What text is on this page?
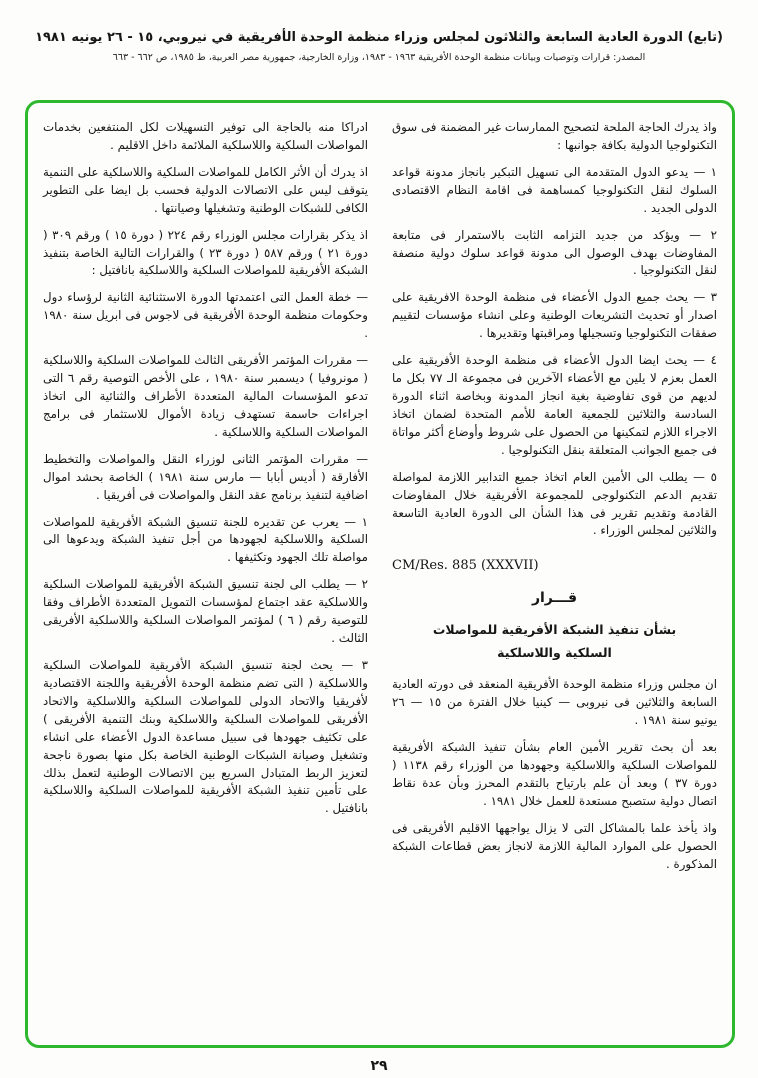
(تابع) الدورة العادية السابعة والثلاثون لمجلس وزراء منظمة الوحدة الأفريقية في نيروبي، ١٥ - ٢٦ يونيه ١٩٨١
المصدر: قرارات وتوصيات وبيانات منظمة الوحدة الأفريقية ١٩٦٣ - ١٩٨٣، وزارة الخارجية، جمهورية مصر العربية، ط ١٩٨٥، ص ٦٦٢ - ٦٦٣

واذ يدرك الحاجة الملحة لتصحيح الممارسات غير المضمنة فى سوق التكنولوجيا الدولية بكافة جوانبها :

١ — يدعو الدول المتقدمة الى تسهيل التبكير بانجاز مدونة قواعد السلوك لنقل التكنولوجيا كمساهمة فى اقامة النظام الاقتصادى الدولى الجديد .

٢ — ويؤكد من جديد التزامه الثابت بالاستمرار فى متابعة المفاوضات بهدف الوصول الى مدونة قواعد سلوك دولية منصفة لنقل التكنولوجيا .

٣ — يحث جميع الدول الأعضاء فى منظمة الوحدة الافريقية على اصدار أو تحديث التشريعات الوطنية وعلى انشاء مؤسسات لتقييم صفقات التكنولوجيا وتسجيلها ومراقبتها وتقديرها .

٤ — يحث ايضا الدول الأعضاء فى منظمة الوحدة الأفريقية على العمل بعزم لا يلين مع الأعضاء الآخرين فى مجموعة الـ ٧٧ بكل ما لديهم من قوى تفاوضية بغية انجاز المدونة وبخاصة اثناء الدورة السادسة والثلاثين للجمعية العامة للأمم المتحدة لضمان اتخاذ الاجراء اللازم لتمكينها من الحصول على شروط وأوضاع أكثر مواتاة فى جميع الجوانب المتعلقة بنقل التكنولوجيا .

٥ — يطلب الى الأمين العام اتخاذ جميع التدابير اللازمة لمواصلة تقديم الدعم التكنولوجى للمجموعة الأفريقية خلال المفاوضات القادمة وتقديم تقرير فى هذا الشأن الى الدورة العادية التاسعة والثلاثين لمجلس الوزراء .

CM/Res. 885 (XXXVII)
قـــرار
بشأن تنفيذ الشبكة الأفريقية للمواصلات
السلكية واللاسلكية

ان مجلس وزراء منظمة الوحدة الأفريقية المنعقد فى دورته العادية السابعة والثلاثين فى نيروبى — كينيا خلال الفترة من ١٥ — ٢٦ يونيو سنة ١٩٨١ .

بعد أن بحث تقرير الأمين العام بشأن تنفيذ الشبكة الأفريقية للمواصلات السلكية واللاسلكية وجهودها من الوزراء رقم ١١٣٨ ( دورة ٣٧ ) وبعد أن علم بارتياح بالتقدم المحرز وبأن عدة نقاط اتصال دولية ستصبح مستعدة للعمل خلال ١٩٨١ .

واذ يأخذ علما بالمشاكل التى لا يزال يواجهها الاقليم الأفريقى فى الحصول على الموارد المالية اللازمة لانجاز بعض قطاعات الشبكة المذكورة .

ادراكا منه بالحاجة الى توفير التسهيلات لكل المنتفعين بخدمات المواصلات السلكية واللاسلكية الملائمة داخل الاقليم .

اذ يدرك أن الأثر الكامل للمواصلات السلكية واللاسلكية على التنمية يتوقف ليس على الاتصالات الدولية فحسب بل ايضا على التطوير الكافى للشبكات الوطنية وتشغيلها وصيانتها .

اذ يذكر بقرارات مجلس الوزراء رقم ٢٢٤ ( دورة ١٥ ) ورقم ٣٠٩ ( دورة ٢١ ) ورقم ٥٨٧ ( دورة ٢٣ ) والقرارات التالية الخاصة بتنفيذ الشبكة الأفريقية للمواصلات السلكية واللاسلكية بانافتيل :

— خطة العمل التى اعتمدتها الدورة الاستثنائية الثانية لرؤساء دول وحكومات منظمة الوحدة الأفريقية فى لاجوس فى ابريل سنة ١٩٨٠ .

— مقررات المؤتمر الأفريقى الثالث للمواصلات السلكية واللاسلكية ( مونروفيا ) ديسمبر سنة ١٩٨٠ ، على الأخص التوصية رقم ٦ التى تدعو المؤسسات المالية المتعددة الأطراف والثنائية الى اتخاذ اجراءات حاسمة تستهدف زيادة الأموال للاستثمار فى برامج المواصلات السلكية واللاسلكية .

— مقررات المؤتمر الثانى لوزراء النقل والمواصلات والتخطيط الأفارقة ( أديس أبابا — مارس سنة ١٩٨١ ) الخاصة بحشد اموال اضافية لتنفيذ برنامج عقد النقل والمواصلات فى أفريقيا .

١ — يعرب عن تقديره للجنة تنسيق الشبكة الأفريقية للمواصلات السلكية واللاسلكية لجهودها من أجل تنفيذ الشبكة ويدعوها الى مواصلة تلك الجهود وتكثيفها .

٢ — يطلب الى لجنة تنسيق الشبكة الأفريقية للمواصلات السلكية واللاسلكية عقد اجتماع لمؤسسات التمويل المتعددة الأطراف وفقا للتوصية رقم ( ٦ ) لمؤتمر المواصلات السلكية واللاسلكية الأفريقى الثالث .

٣ — يحث لجنة تنسيق الشبكة الأفريقية للمواصلات السلكية واللاسلكية ( التى تضم منظمة الوحدة الأفريقية واللجنة الاقتصادية لأفريقيا والاتحاد الدولى للمواصلات السلكية واللاسلكية والاتحاد الأفريقى للمواصلات السلكية واللاسلكية وبنك التنمية الأفريقى ) على تكثيف جهودها فى سبيل مساعدة الدول الأعضاء على انشاء وتشغيل وصيانة الشبكات الوطنية الخاصة بكل منها بصورة ناجحة لتعزيز الربط المتبادل السريع بين الاتصالات الوطنية لتعمل بذلك على تأمين تنفيذ الشبكة الأفريقية للمواصلات السلكية واللاسلكية بانافتيل .

٢٩
